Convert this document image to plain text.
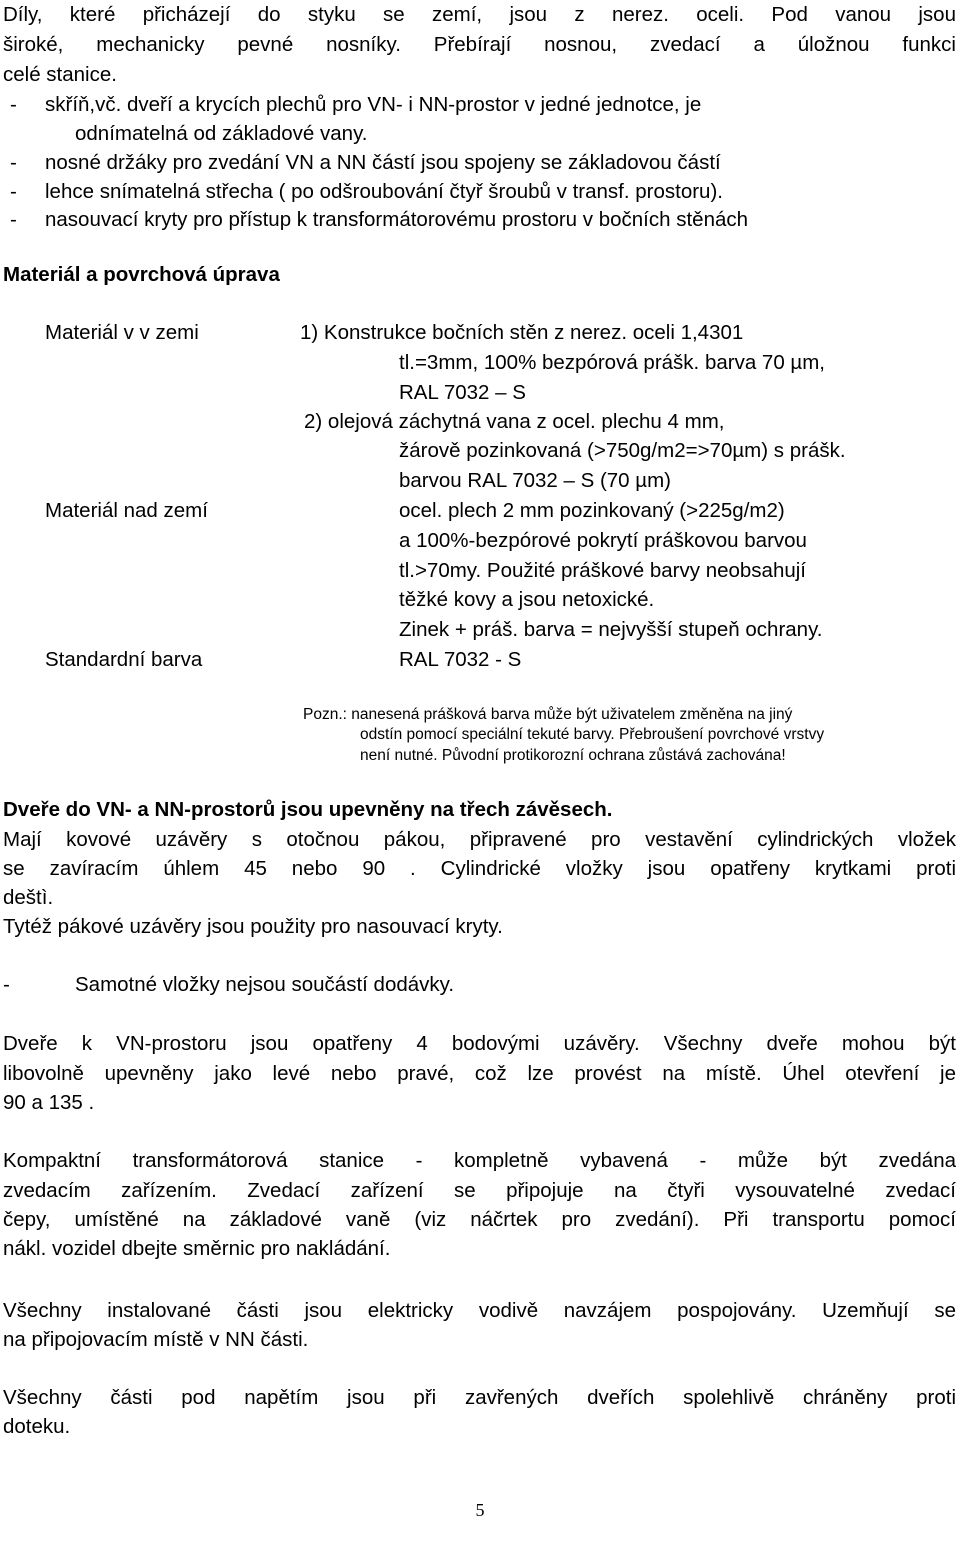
Díly, které přicházejí do styku se zemí, jsou z nerez. oceli. Pod vanou jsou
široké, mechanicky pevné nosníky. Přebírají nosnou, zvedací a úložnou funkci
celé stanice.
- skříň,vč. dveří a krycích plechů pro VN- i NN-prostor v jedné jednotce, je
odnímatelná od základové vany.
- nosné držáky pro zvedání VN a NN částí jsou spojeny se základovou částí
- lehce snímatelná střecha ( po odšroubování čtyř šroubů v transf. prostoru).
- nasouvací kryty pro přístup k transformátorovému prostoru v bočních stěnách
Materiál a povrchová úprava
Materiál v v zemi	1) Konstrukce bočních stěn z nerez. oceli 1,4301
tl.=3mm, 100% bezpórová prášk. barva 70 µm,
RAL 7032 – S
2) olejová záchytná vana z ocel. plechu 4 mm,
žárově pozinkovaná (>750g/m2=>70µm) s prášk.
barvou RAL 7032 – S (70 µm)
Materiál nad zemí	ocel. plech 2 mm pozinkovaný (>225g/m2)
a 100%-bezpórové pokrytí práškovou barvou
tl.>70my. Použité práškové barvy neobsahují
těžké kovy a jsou netoxické.
Zinek + práš. barva = nejvyšší stupeň ochrany.
Standardní barva	RAL 7032 - S
Pozn.: nanesená prášková barva může být uživatelem změněna na jiný
odstín pomocí speciální tekuté barvy. Přebroušení povrchové vrstvy
není nutné. Původní protikorozní ochrana zůstává zachována!
Dveře do VN- a NN-prostorů jsou upevněny na třech závěsech.
Mají kovové uzávěry s otočnou pákou, připravené pro vestavění cylindrických vložek
se zavíracím úhlem 45 nebo 90 . Cylindrické vložky jsou opatřeny krytkami proti
deštì.
Tytéž pákové uzávěry jsou použity pro nasouvací kryty.
-	Samotné vložky nejsou součástí dodávky.
Dveře k VN-prostoru jsou opatřeny 4 bodovými uzávěry. Všechny dveře mohou být
libovolně upevněny jako levé nebo pravé, což lze provést na místě. Úhel otevření je
90 a 135 .
Kompaktní transformátorová stanice - kompletně vybavená - může být zvedána
zvedacím zařízením. Zvedací zařízení se připojuje na čtyři vysouvatelné zvedací
čepy, umístěné na základové vaně (viz náčrtek pro zvedání). Při transportu pomocí
nákl. vozidel dbejte směrnic pro nakládání.
Všechny instalované části jsou elektricky vodivě navzájem pospojovány. Uzemňují se
na připojovacím místě v NN části.
Všechny části pod napětím jsou při zavřených dveřích spolehlivě chráněny proti
doteku.
5
